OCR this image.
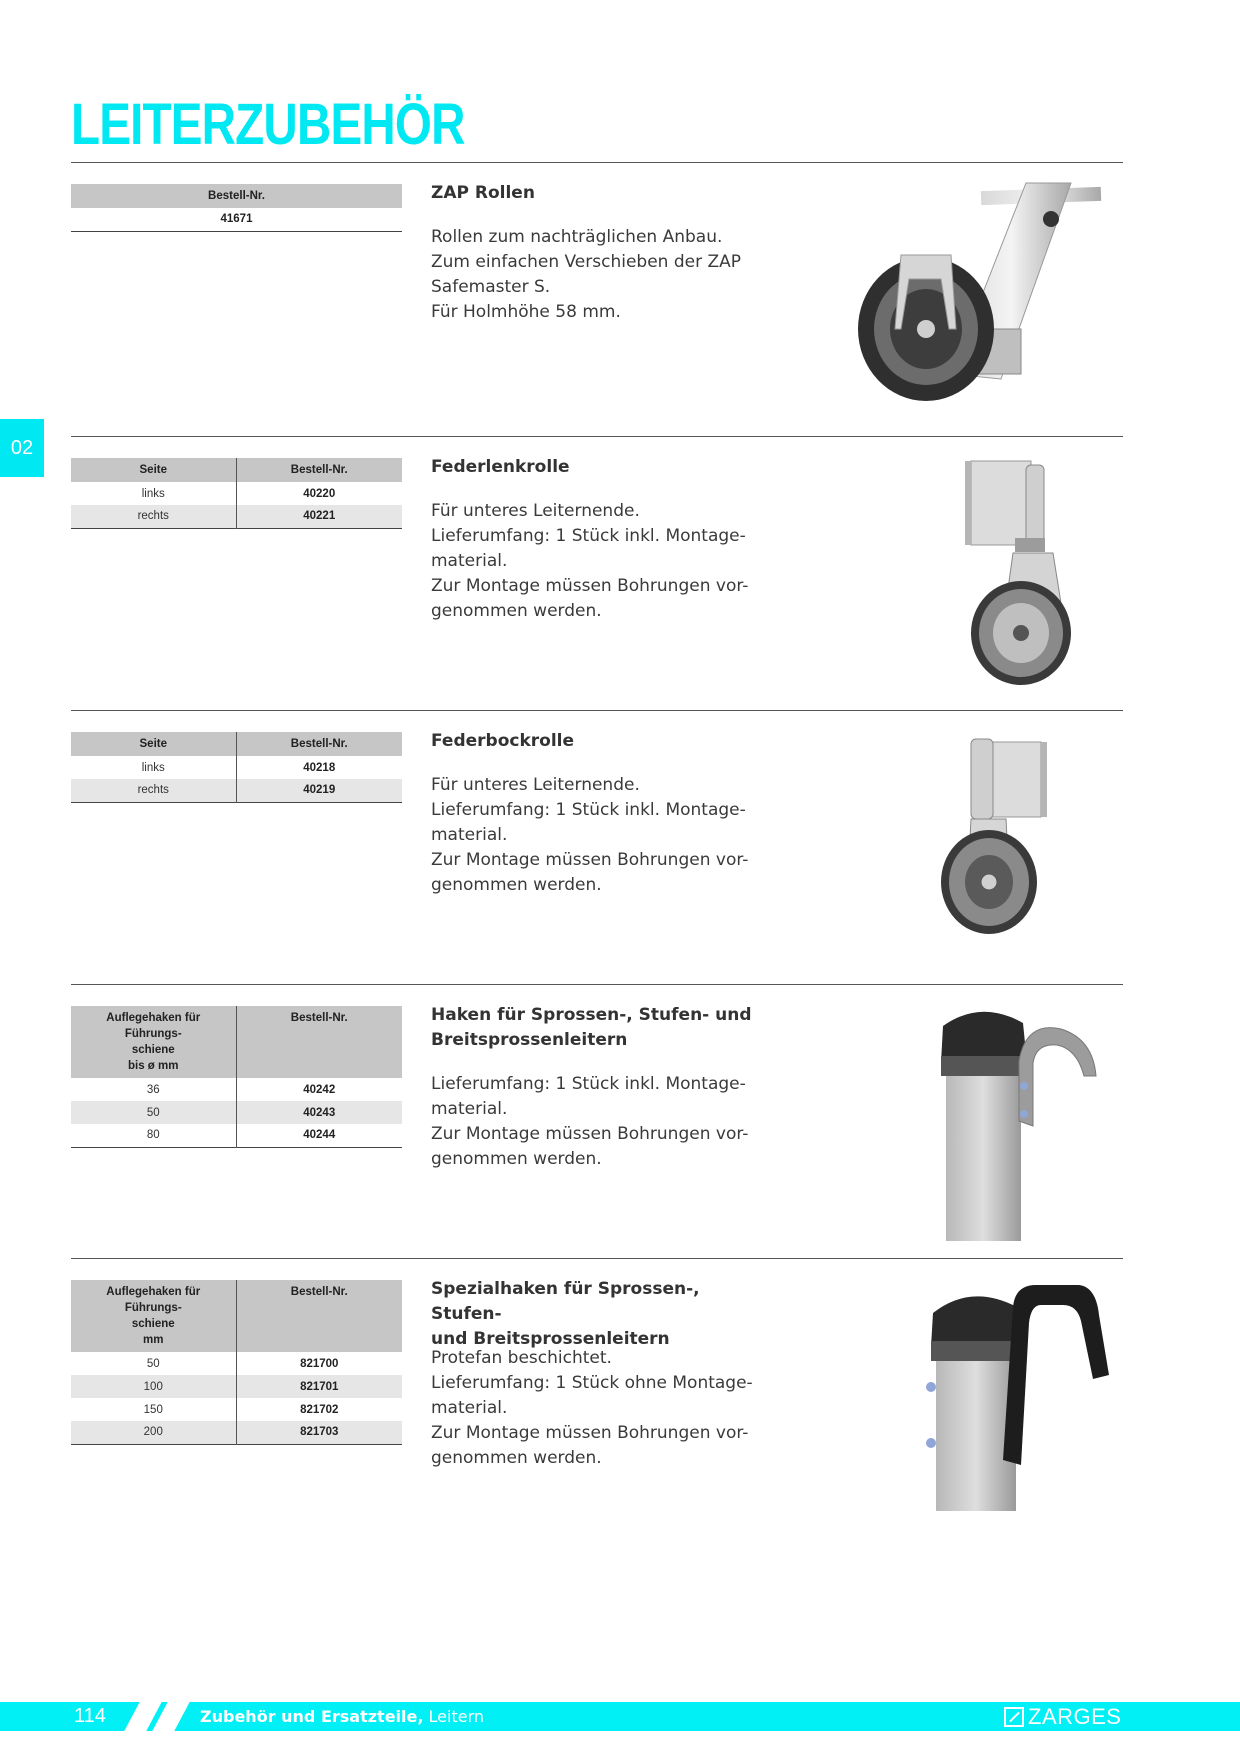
LEITERZUBEHÖR
02
Bestell-Nr.
41671
ZAP Rollen
Rollen zum nachträglichen Anbau.
Zum einfachen Verschieben der ZAP
Safemaster S.
Für Holmhöhe 58 mm.
Seite	Bestell-Nr.
links	40220
rechts	40221
Federlenkrolle
Für unteres Leiternende.
Lieferumfang: 1 Stück inkl. Montage-
material.
Zur Montage müssen Bohrungen vor-
genommen werden.
Seite	Bestell-Nr.
links	40218
rechts	40219
Federbockrolle
Für unteres Leiternende.
Lieferumfang: 1 Stück inkl. Montage-
material.
Zur Montage müssen Bohrungen vor-
genommen werden.
Auflegehaken für Führungs-
schiene
bis ø mm	Bestell-Nr.
36	40242
50	40243
80	40244
Haken für Sprossen-, Stufen- und
Breitsprossenleitern
Lieferumfang: 1 Stück inkl. Montage-
material.
Zur Montage müssen Bohrungen vor-
genommen werden.
Auflegehaken für Führungs-
schiene
mm	Bestell-Nr.
50	821700
100	821701
150	821702
200	821703
Spezialhaken für Sprossen-, Stufen-
und Breitsprossenleitern
Protefan beschichtet.
Lieferumfang: 1 Stück ohne Montage-
material.
Zur Montage müssen Bohrungen vor-
genommen werden.
114	Zubehör und Ersatzteile, Leitern	ZARGES
